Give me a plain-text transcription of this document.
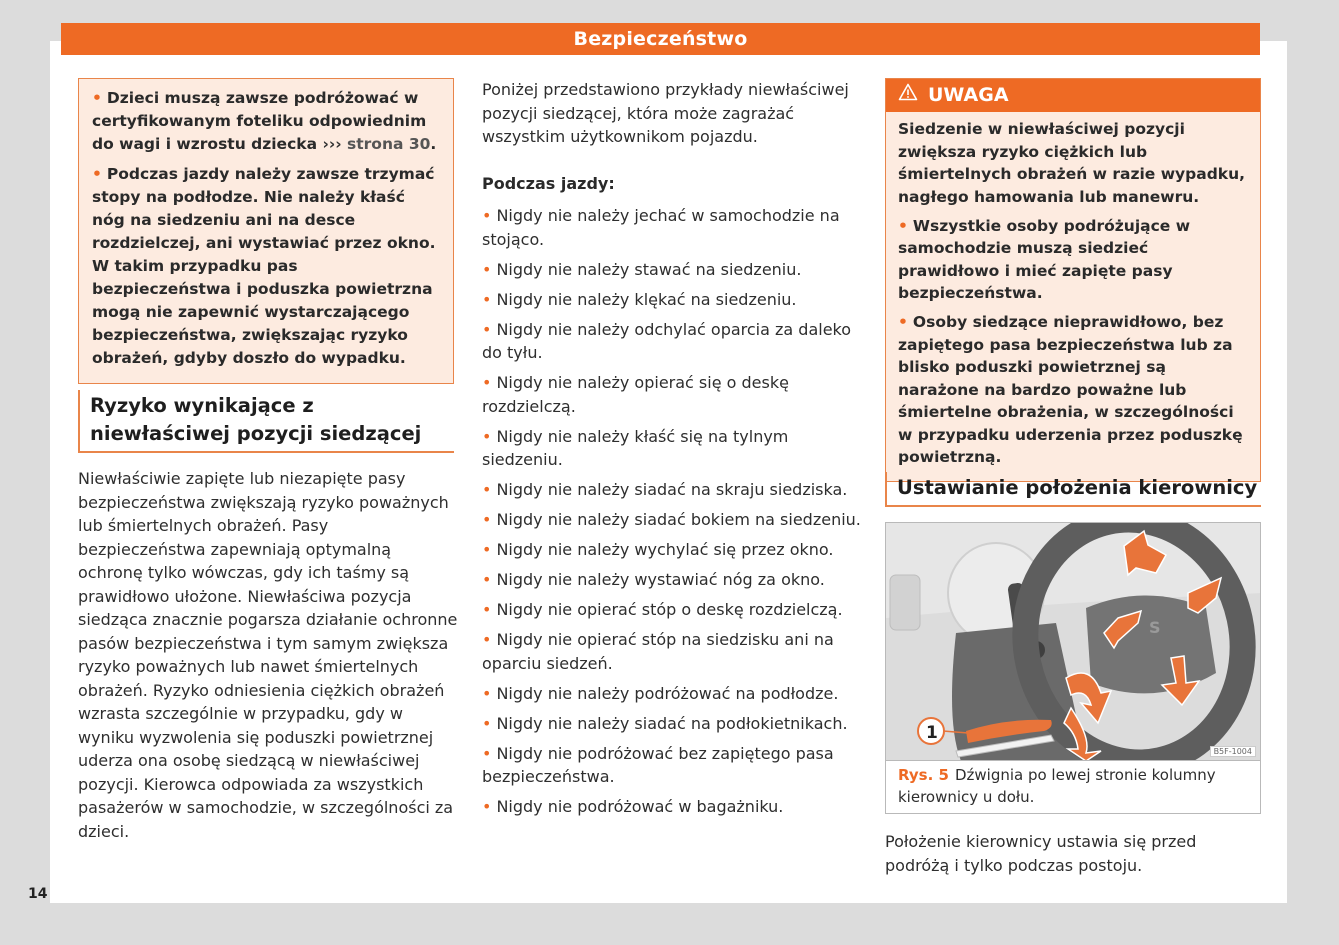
Bezpieczeństwo

• Dzieci muszą zawsze podróżować w certyfikowanym foteliku odpowiednim do wagi i wzrostu dziecka ››› strona 30.

• Podczas jazdy należy zawsze trzymać stopy na podłodze. Nie należy kłaść nóg na siedzeniu ani na desce rozdzielczej, ani wystawiać przez okno. W takim przypadku pas bezpieczeństwa i poduszka powietrzna mogą nie zapewnić wystarczającego bezpieczeństwa, zwiększając ryzyko obrażeń, gdyby doszło do wypadku.

Ryzyko wynikające z niewłaściwej pozycji siedzącej
Niewłaściwie zapięte lub niezapięte pasy bezpieczeństwa zwiększają ryzyko poważnych lub śmiertelnych obrażeń. Pasy bezpieczeństwa zapewniają optymalną ochronę tylko wówczas, gdy ich taśmy są prawidłowo ułożone. Niewłaściwa pozycja siedząca znacznie pogarsza działanie ochronne pasów bezpieczeństwa i tym samym zwiększa ryzyko poważnych lub nawet śmiertelnych obrażeń. Ryzyko odniesienia ciężkich obrażeń wzrasta szczególnie w przypadku, gdy w wyniku wyzwolenia się poduszki powietrznej uderza ona osobę siedzącą w niewłaściwej pozycji. Kierowca odpowiada za wszystkich pasażerów w samochodzie, w szczególności za dzieci.
Poniżej przedstawiono przykłady niewłaściwej pozycji siedzącej, która może zagrażać wszystkim użytkownikom pojazdu.
Podczas jazdy:
• Nigdy nie należy jechać w samochodzie na stojąco.
• Nigdy nie należy stawać na siedzeniu.
• Nigdy nie należy klękać na siedzeniu.
• Nigdy nie należy odchylać oparcia za daleko do tyłu.
• Nigdy nie należy opierać się o deskę rozdzielczą.
• Nigdy nie należy kłaść się na tylnym siedzeniu.
• Nigdy nie należy siadać na skraju siedziska.
• Nigdy nie należy siadać bokiem na siedzeniu.
• Nigdy nie należy wychylać się przez okno.
• Nigdy nie należy wystawiać nóg za okno.
• Nigdy nie opierać stóp o deskę rozdzielczą.
• Nigdy nie opierać stóp na siedzisku ani na oparciu siedzeń.
• Nigdy nie należy podróżować na podłodze.
• Nigdy nie należy siadać na podłokietnikach.
• Nigdy nie podróżować bez zapiętego pasa bezpieczeństwa.
• Nigdy nie podróżować w bagażniku.
UWAGA

Siedzenie w niewłaściwej pozycji zwiększa ryzyko ciężkich lub śmiertelnych obrażeń w razie wypadku, nagłego hamowania lub manewru.

• Wszystkie osoby podróżujące w samochodzie muszą siedzieć prawidłowo i mieć zapięte pasy bezpieczeństwa.

• Osoby siedzące nieprawidłowo, bez zapiętego pasa bezpieczeństwa lub za blisko poduszki powietrznej są narażone na bardzo poważne lub śmiertelne obrażenia, w szczególności w przypadku uderzenia przez poduszkę powietrzną.

Ustawianie położenia kierownicy
S
1
B5F-1004
Rys. 5 Dźwignia po lewej stronie kolumny kierownicy u dołu.
Położenie kierownicy ustawia się przed podróżą i tylko podczas postoju.
14
